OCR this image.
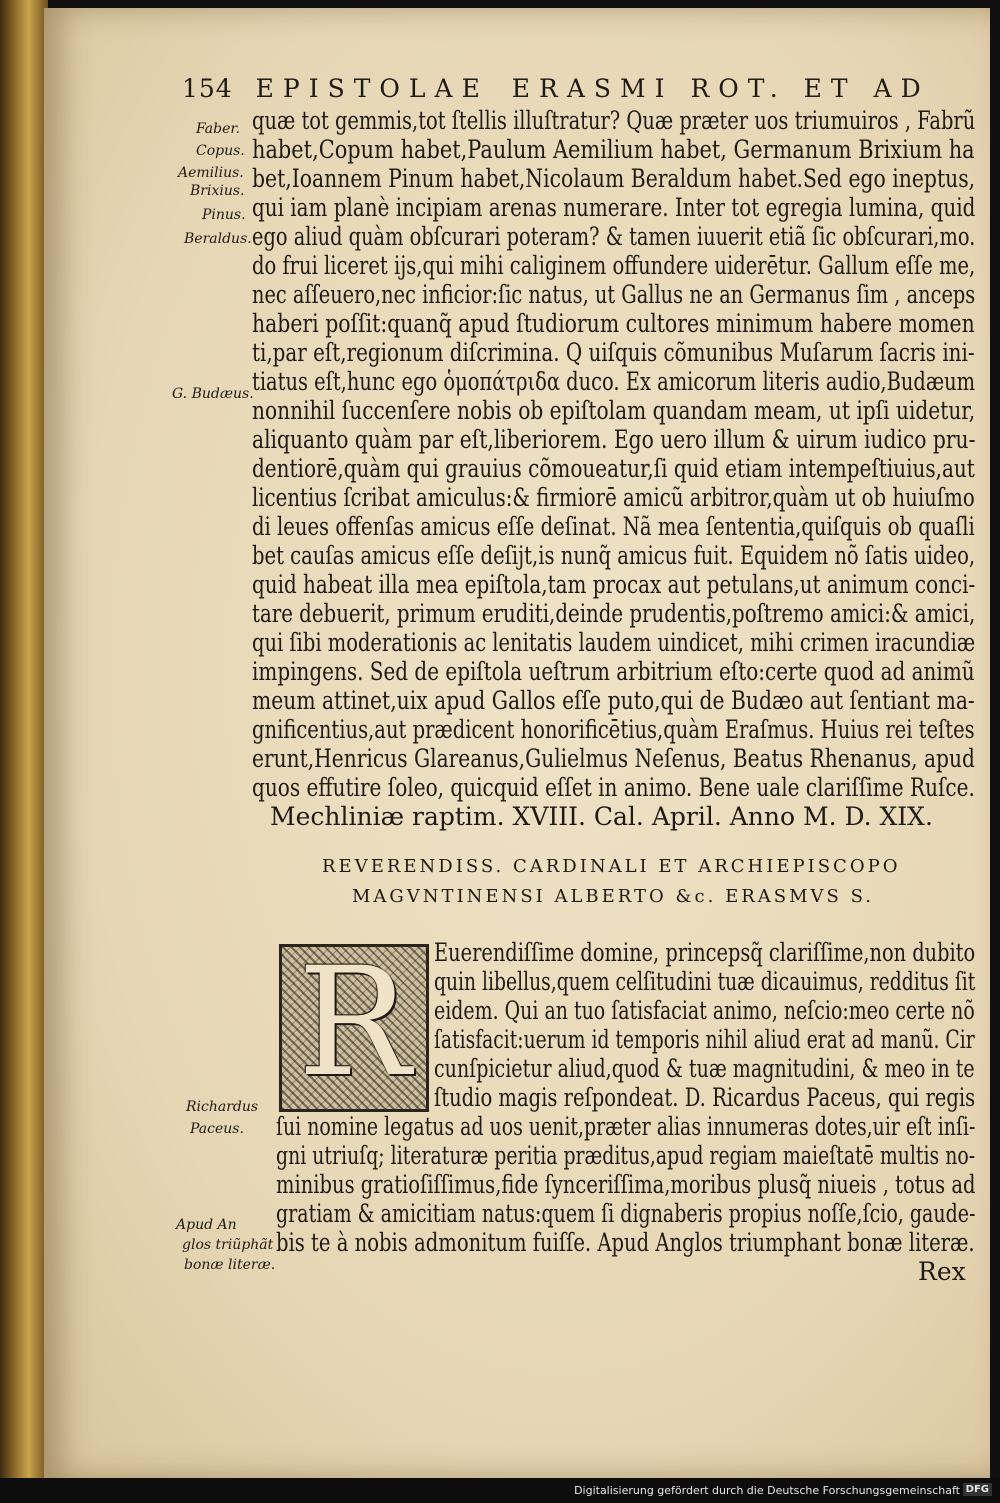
154 EPISTOLAE ERASMI ROT. ET AD
quæ tot gemmis,tot ſtellis illuſtratur? Quæ præter uos triumuiros , Fabrũ
habet,Copum habet,Paulum Aemilium habet, Germanum Brixium ha
bet,Ioannem Pinum habet,Nicolaum Beraldum habet.Sed ego ineptus,
qui iam planè incipiam arenas numerare. Inter tot egregia lumina, quid
ego aliud quàm obſcurari poteram? & tamen iuuerit etiã ſic obſcurari,mo.
do frui liceret ijs,qui mihi caliginem offundere uiderētur. Gallum eſſe me,
nec aſſeuero,nec inficior:ſic natus, ut Gallus ne an Germanus ſim , anceps
haberi poſſit:quanq̃ apud ſtudiorum cultores minimum habere momen
ti,par eſt,regionum diſcrimina. Q uiſquis cõmunibus Muſarum ſacris ini-
tiatus eſt,hunc ego ὁμοπάτριδα duco. Ex amicorum literis audio,Budæum
nonnihil ſuccenſere nobis ob epiſtolam quandam meam, ut ipſi uidetur,
aliquanto quàm par eſt,liberiorem. Ego uero illum & uirum iudico pru-
dentiorē,quàm qui grauius cõmoueatur,ſi quid etiam intempeſtiuius,aut
licentius ſcribat amiculus:& firmiorē amicũ arbitror,quàm ut ob huiuſmo
di leues offenſas amicus eſſe deſinat. Nã mea ſententia,quiſquis ob quaſli
bet cauſas amicus eſſe deſijt,is nunq̃ amicus fuit. Equidem nõ ſatis uideo,
quid habeat illa mea epiſtola,tam procax aut petulans,ut animum conci-
tare debuerit, primum eruditi,deinde prudentis,poſtremo amici:& amici,
qui ſibi moderationis ac lenitatis laudem uindicet, mihi crimen iracundiæ
impingens. Sed de epiſtola ueſtrum arbitrium eſto:certe quod ad animũ
meum attinet,uix apud Gallos eſſe puto,qui de Budæo aut ſentiant ma-
gnificentius,aut prædicent honorificētius,quàm Eraſmus. Huius rei teſtes
erunt,Henricus Glareanus,Gulielmus Neſenus, Beatus Rhenanus, apud
quos effutire ſoleo, quicquid eſſet in animo. Bene uale clariſſime Ruſce.
Mechliniæ raptim. XVIII. Cal. April. Anno M. D. XIX.
Faber.
Copus.
Aemilius.
Brixius.
Pinus.
Beraldus.
G. Budæus.
REVERENDISS. CARDINALI ET ARCHIEPISCOPO
MAGVNTINENSI ALBERTO &c. ERASMVS S.
R Euerendiſſime domine, princepsq̃ clariſſime,non dubito
quin libellus,quem celſitudini tuæ dicauimus, redditus ſit
eidem. Qui an tuo ſatisfaciat animo, neſcio:meo certe nõ
ſatisfacit:uerum id temporis nihil aliud erat ad manũ. Cir
cunſpicietur aliud,quod & tuæ magnitudini, & meo in te
ſtudio magis reſpondeat. D. Ricardus Paceus, qui regis
ſui nomine legatus ad uos uenit,præter alias innumeras dotes,uir eſt inſi-
gni utriuſq; literaturæ peritia præditus,apud regiam maieſtatē multis no-
minibus gratioſiſſimus,fide ſynceriſſima,moribus plusq̃ niueis , totus ad
gratiam & amicitiam natus:quem ſi dignaberis propius noſſe,ſcio, gaude-
bis te à nobis admonitum fuiſſe. Apud Anglos triumphant bonæ literæ.
Rex
Richardus
Paceus.
Apud An
glos triũphãt
bonæ literæ.
Digitalisierung gefördert durch die Deutsche Forschungsgemeinschaft DFG
